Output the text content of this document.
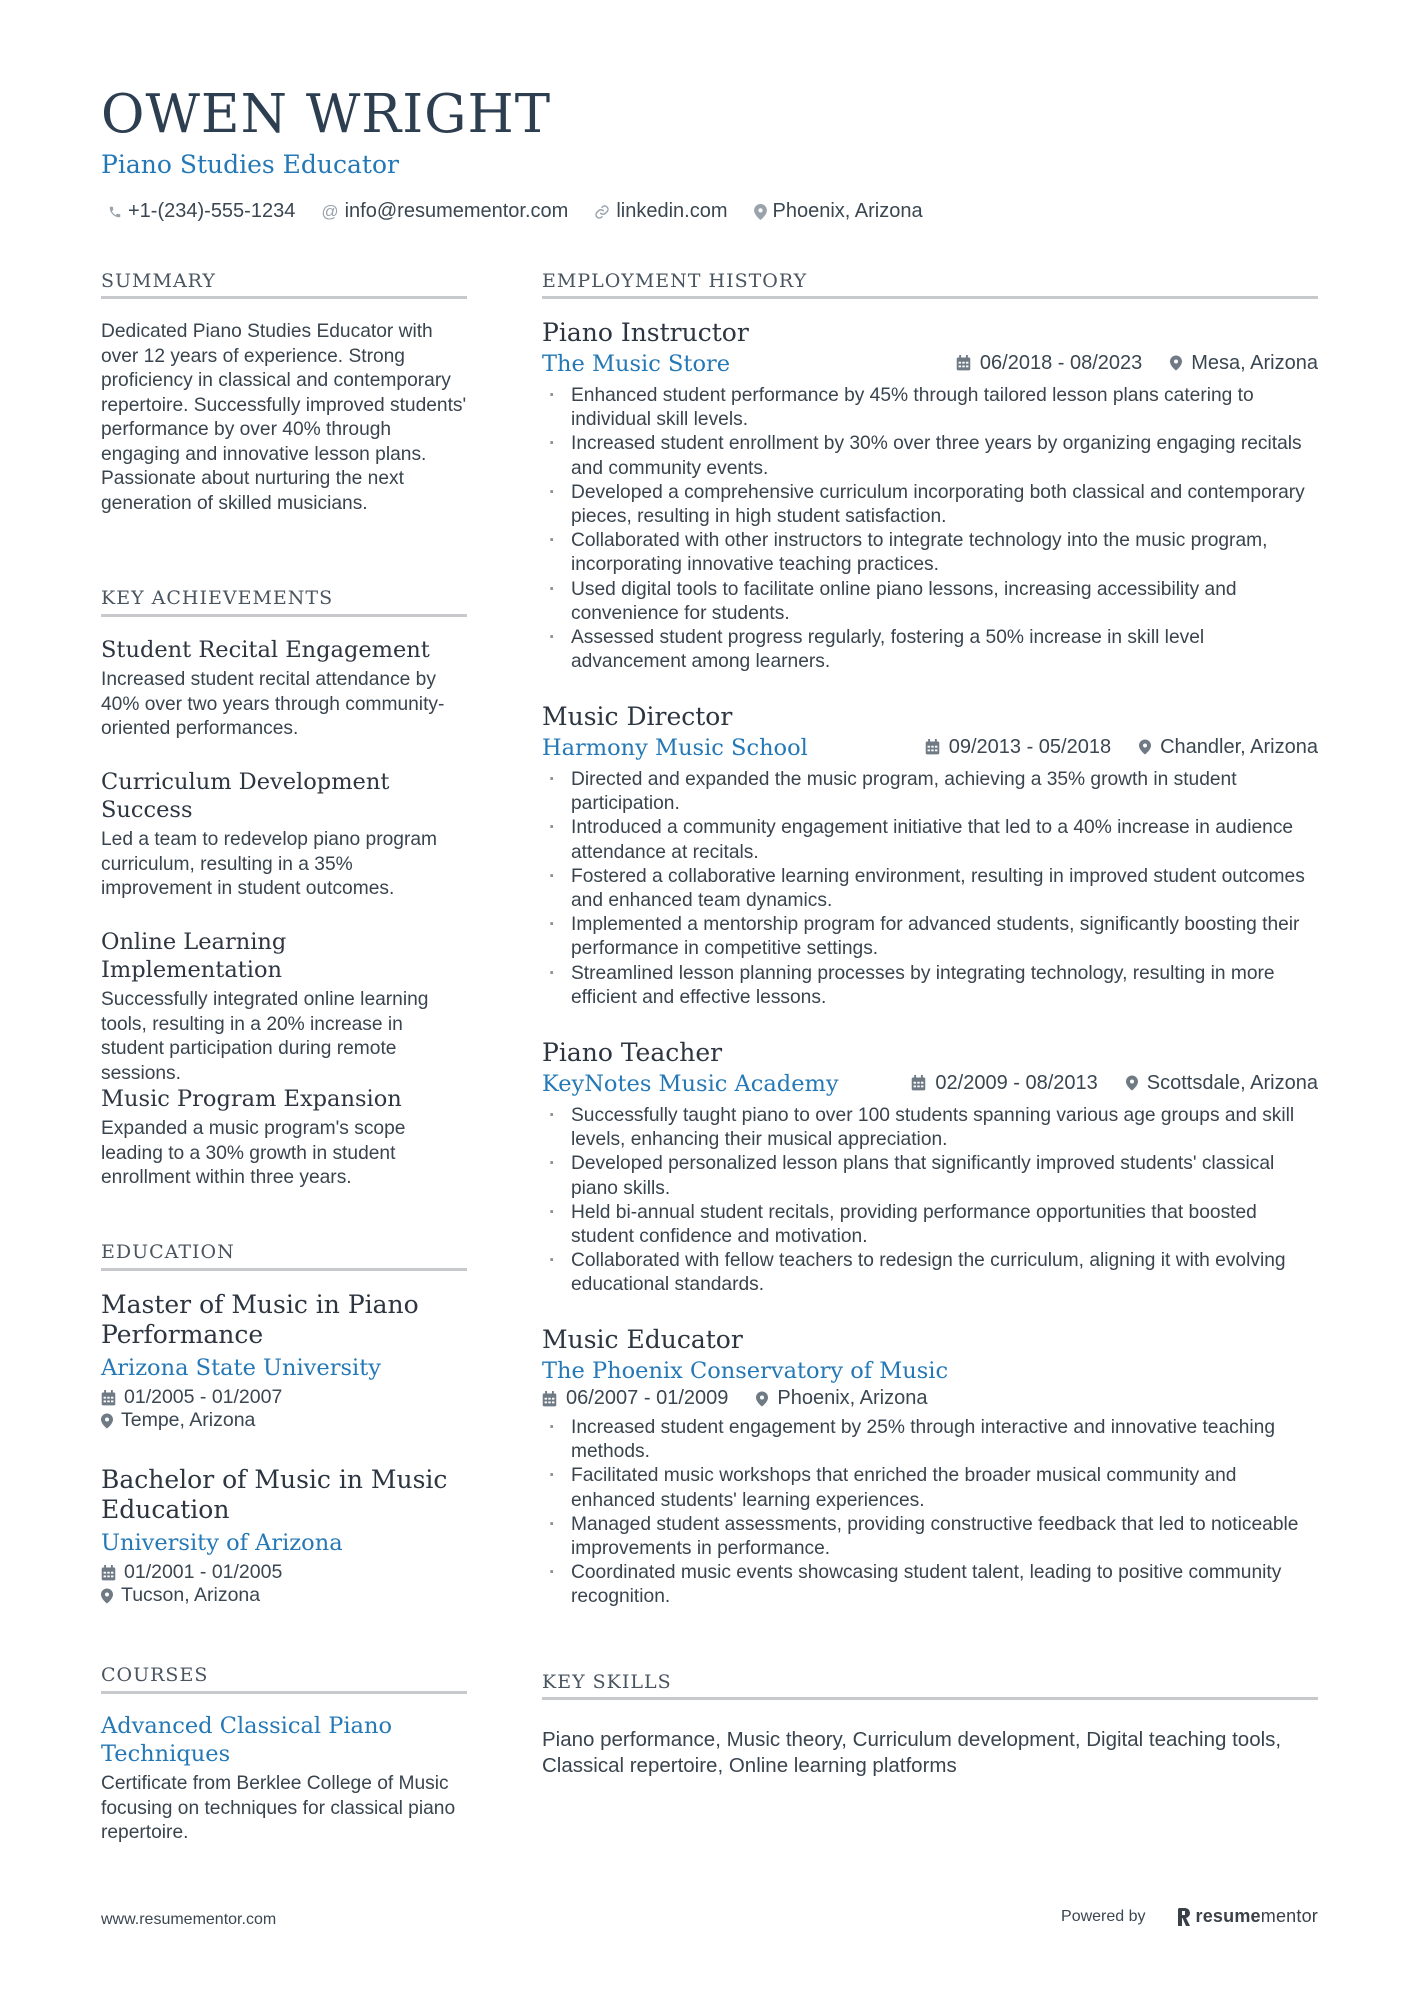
OWEN WRIGHT
Piano Studies Educator
+1-(234)-555-1234 @ info@resumementor.com linkedin.com Phoenix, Arizona
SUMMARY

Dedicated Piano Studies Educator with over 12 years of experience. Strong proficiency in classical and contemporary repertoire. Successfully improved students' performance by over 40% through engaging and innovative lesson plans. Passionate about nurturing the next generation of skilled musicians.

KEY ACHIEVEMENTS

Student Recital Engagement

Increased student recital attendance by 40% over two years through community-oriented performances.

Curriculum Development Success

Led a team to redevelop piano program curriculum, resulting in a 35% improvement in student outcomes.

Online Learning Implementation

Successfully integrated online learning tools, resulting in a 20% increase in student participation during remote sessions.

Music Program Expansion

Expanded a music program's scope leading to a 30% growth in student enrollment within three years.

EDUCATION

Master of Music in Piano Performance

Arizona State University

01/2005 - 01/2007
Tempe, Arizona

Bachelor of Music in Music Education

University of Arizona

01/2001 - 01/2005
Tucson, Arizona
COURSES

Advanced Classical Piano Techniques

Certificate from Berklee College of Music focusing on techniques for classical piano repertoire.

EMPLOYMENT HISTORY

Piano Instructor

The Music Store	06/2018 - 08/2023 Mesa, Arizona
· Enhanced student performance by 45% through tailored lesson plans catering to individual skill levels.
· Increased student enrollment by 30% over three years by organizing engaging recitals and community events.
· Developed a comprehensive curriculum incorporating both classical and contemporary pieces, resulting in high student satisfaction.
· Collaborated with other instructors to integrate technology into the music program, incorporating innovative teaching practices.
· Used digital tools to facilitate online piano lessons, increasing accessibility and convenience for students.
· Assessed student progress regularly, fostering a 50% increase in skill level advancement among learners.

Music Director

Harmony Music School	09/2013 - 05/2018 Chandler, Arizona
· Directed and expanded the music program, achieving a 35% growth in student participation.
· Introduced a community engagement initiative that led to a 40% increase in audience attendance at recitals.
· Fostered a collaborative learning environment, resulting in improved student outcomes and enhanced team dynamics.
· Implemented a mentorship program for advanced students, significantly boosting their performance in competitive settings.
· Streamlined lesson planning processes by integrating technology, resulting in more efficient and effective lessons.

Piano Teacher

KeyNotes Music Academy	02/2009 - 08/2013 Scottsdale, Arizona
· Successfully taught piano to over 100 students spanning various age groups and skill levels, enhancing their musical appreciation.
· Developed personalized lesson plans that significantly improved students' classical piano skills.
· Held bi-annual student recitals, providing performance opportunities that boosted student confidence and motivation.
· Collaborated with fellow teachers to redesign the curriculum, aligning it with evolving educational standards.

Music Educator

The Phoenix Conservatory of Music

06/2007 - 01/2009 Phoenix, Arizona
· Increased student engagement by 25% through interactive and innovative teaching methods.
· Facilitated music workshops that enriched the broader musical community and enhanced students' learning experiences.
· Managed student assessments, providing constructive feedback that led to noticeable improvements in performance.
· Coordinated music events showcasing student talent, leading to positive community recognition.
KEY SKILLS

Piano performance, Music theory, Curriculum development, Digital teaching tools, Classical repertoire, Online learning platforms

www.resumementor.com	Powered by	resume mentor
